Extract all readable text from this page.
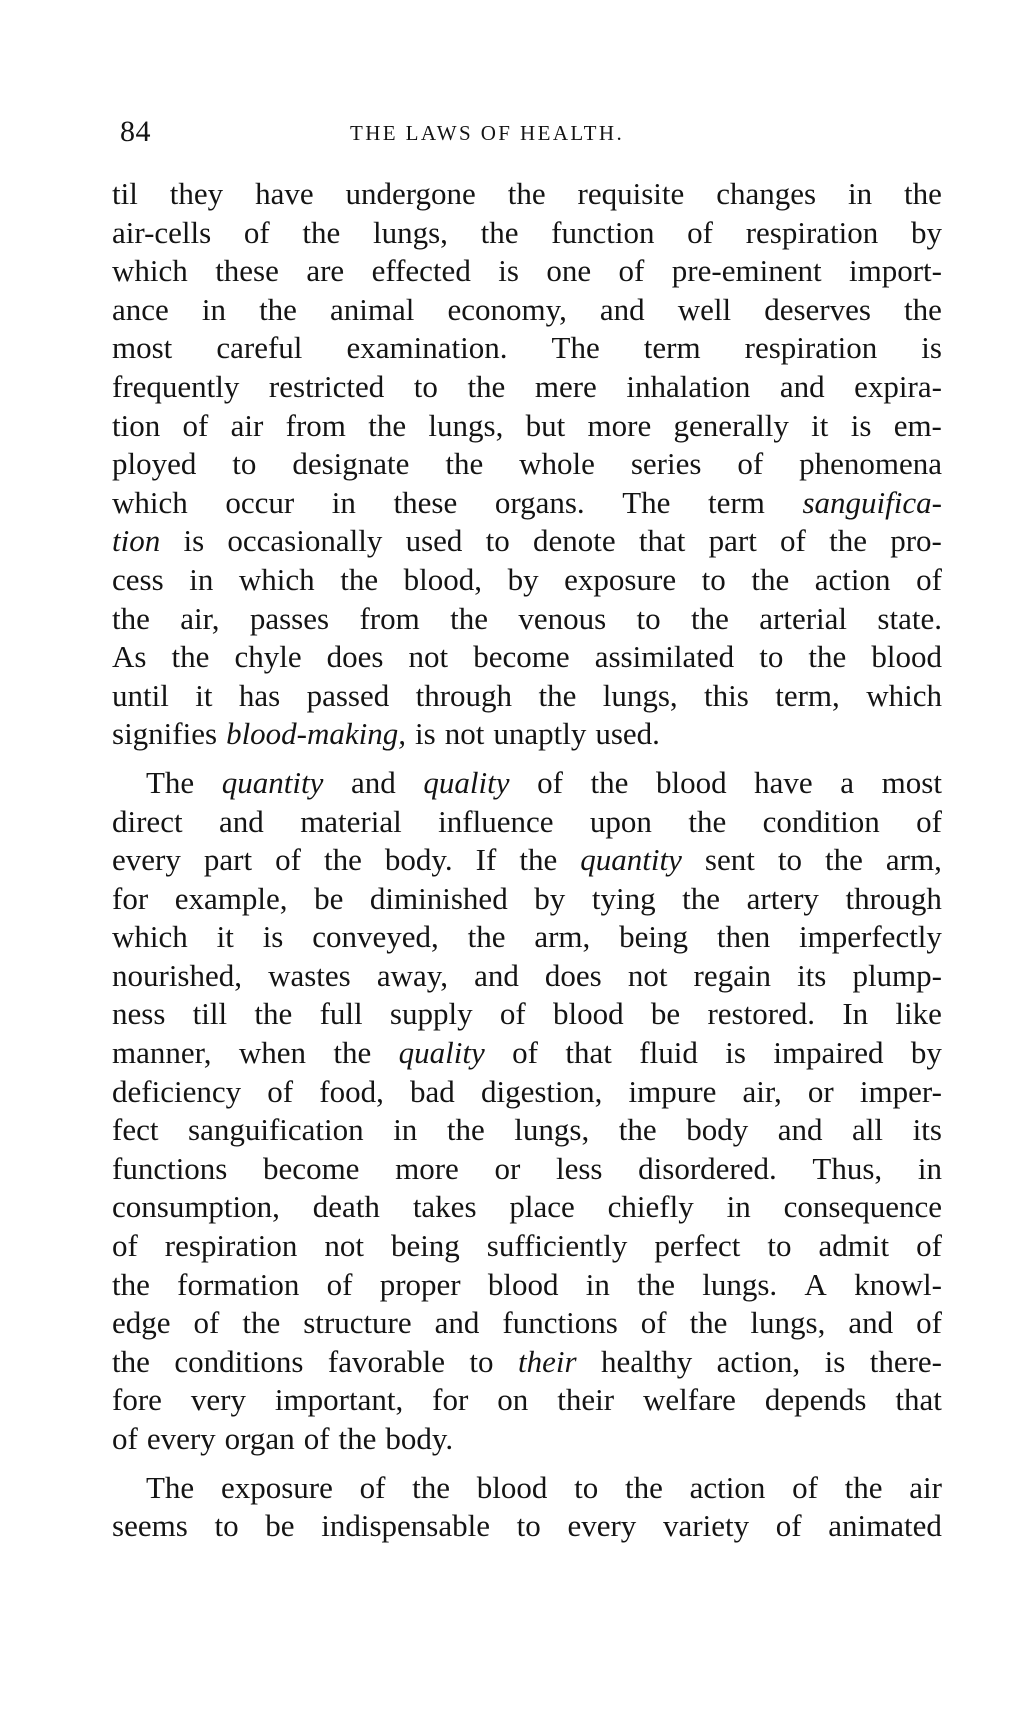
84	THE LAWS OF HEALTH.
til they have undergone the requisite changes in the
air-cells of the lungs, the function of respiration by
which these are effected is one of pre-eminent import-
ance in the animal economy, and well deserves the
most careful examination. The term respiration is
frequently restricted to the mere inhalation and expira-
tion of air from the lungs, but more generally it is em-
ployed to designate the whole series of phenomena
which occur in these organs. The term sanguifica-
tion is occasionally used to denote that part of the pro-
cess in which the blood, by exposure to the action of
the air, passes from the venous to the arterial state.
As the chyle does not become assimilated to the blood
until it has passed through the lungs, this term, which
signifies blood-making, is not unaptly used.
The quantity and quality of the blood have a most
direct and material influence upon the condition of
every part of the body. If the quantity sent to the arm,
for example, be diminished by tying the artery through
which it is conveyed, the arm, being then imperfectly
nourished, wastes away, and does not regain its plump-
ness till the full supply of blood be restored. In like
manner, when the quality of that fluid is impaired by
deficiency of food, bad digestion, impure air, or imper-
fect sanguification in the lungs, the body and all its
functions become more or less disordered. Thus, in
consumption, death takes place chiefly in consequence
of respiration not being sufficiently perfect to admit of
the formation of proper blood in the lungs. A knowl-
edge of the structure and functions of the lungs, and of
the conditions favorable to their healthy action, is there-
fore very important, for on their welfare depends that
of every organ of the body.
The exposure of the blood to the action of the air
seems to be indispensable to every variety of animated
